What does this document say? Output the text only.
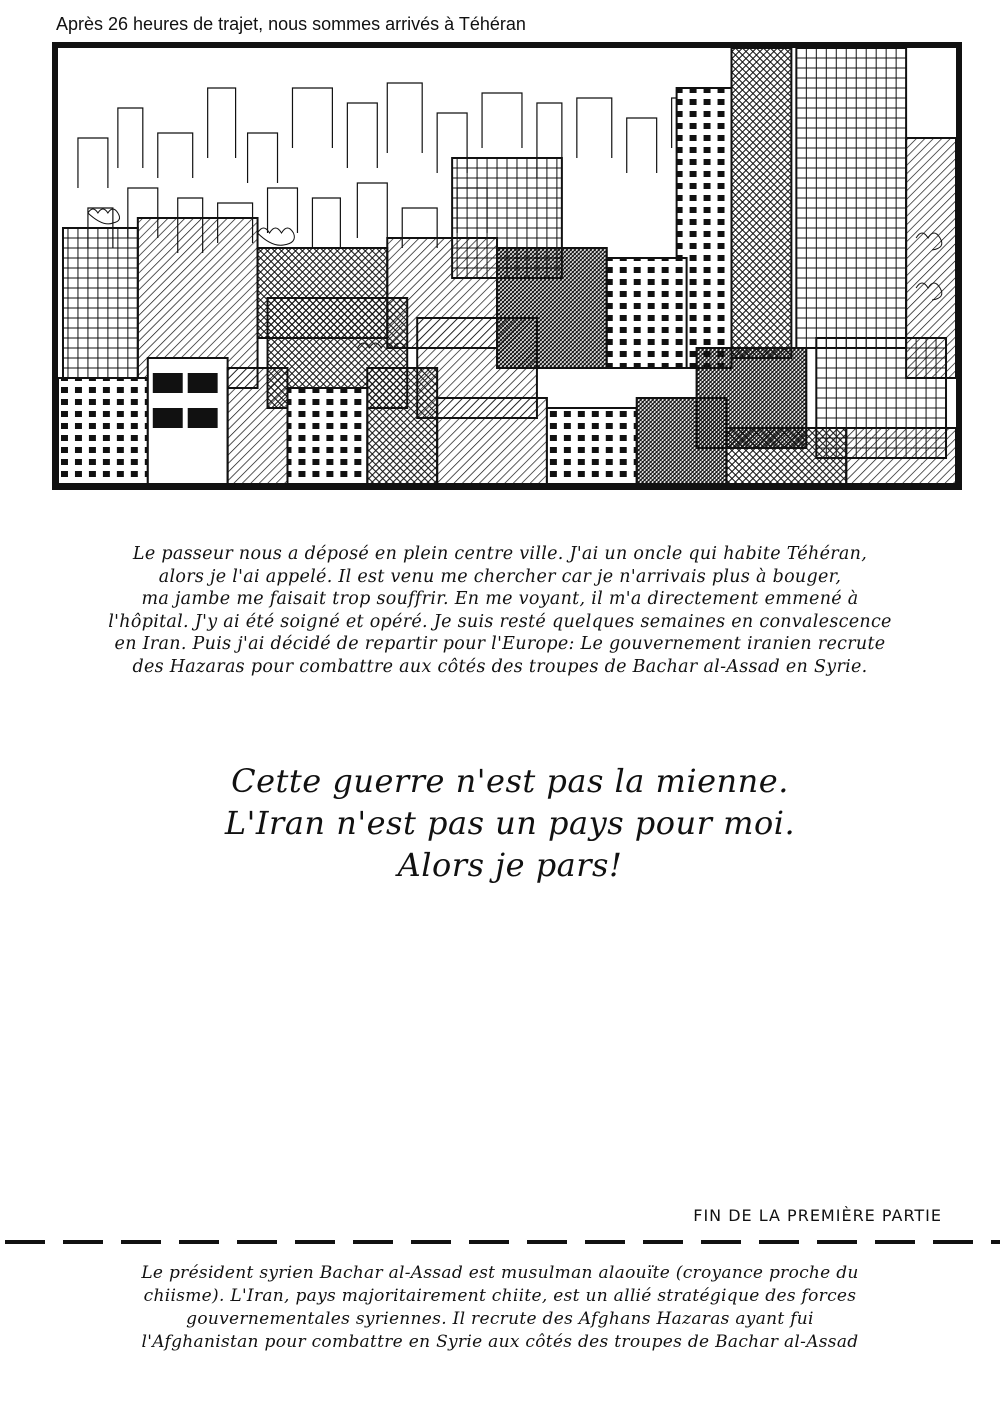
Après 26 heures de trajet, nous sommes arrivés à Téhéran
Le passeur nous a déposé en plein centre ville. J'ai un oncle qui habite Téhéran,
alors je l'ai appelé. Il est venu me chercher car je n'arrivais plus à bouger,
ma jambe me faisait trop souffrir. En me voyant, il m'a directement emmené à
l'hôpital. J'y ai été soigné et opéré. Je suis resté quelques semaines en convalescence
en Iran. Puis j'ai décidé de repartir pour l'Europe: Le gouvernement iranien recrute
des Hazaras pour combattre aux côtés des troupes de Bachar al-Assad en Syrie.
Cette guerre n'est pas la mienne.
L'Iran n'est pas un pays pour moi.
Alors je pars!
FIN DE LA PREMIÈRE PARTIE
Le président syrien Bachar al-Assad est musulman alaouïte (croyance proche du
chiisme). L'Iran, pays majoritairement chiite, est un allié stratégique des forces
gouvernementales syriennes. Il recrute des Afghans Hazaras ayant fui
l'Afghanistan pour combattre en Syrie aux côtés des troupes de Bachar al-Assad
